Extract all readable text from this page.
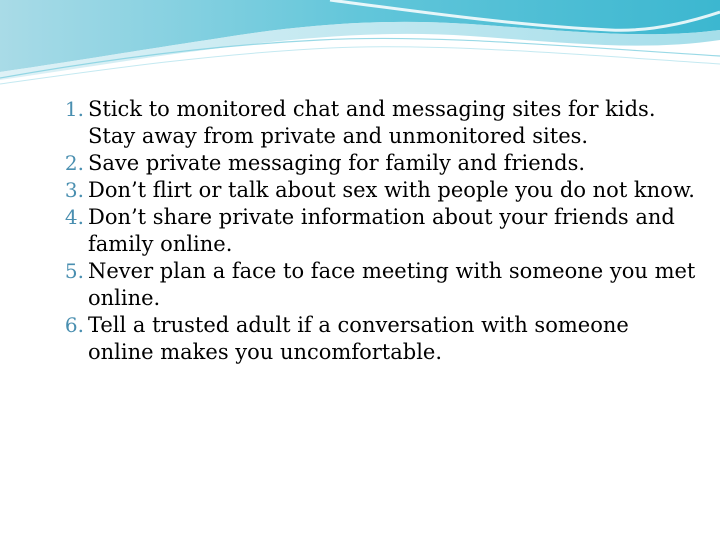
1. Stick to monitored chat and messaging sites for kids. Stay away from private and unmonitored sites.
2. Save private messaging for family and friends.
3. Don’t flirt or talk about sex with people you do not know.
4. Don’t share private information about your friends and family online.
5. Never plan a face to face meeting with someone you met online.
6. Tell a trusted adult if a conversation with someone online makes you uncomfortable.
